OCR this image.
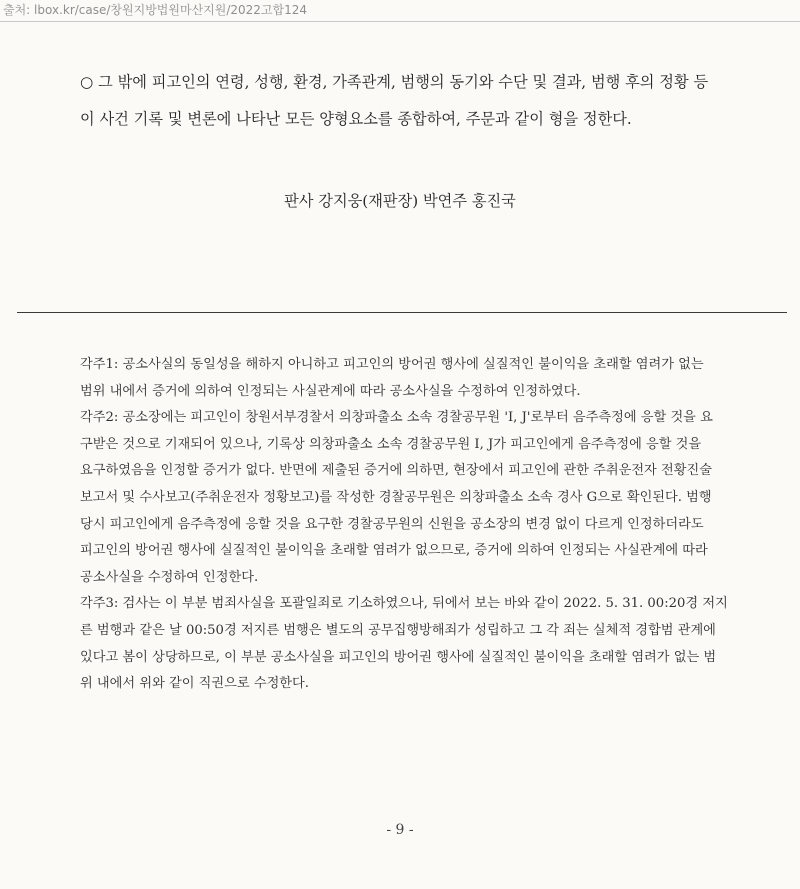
출처: lbox.kr/case/창원지방법원마산지원/2022고합124
○ 그 밖에 피고인의 연령, 성행, 환경, 가족관계, 범행의 동기와 수단 및 결과, 범행 후의 정황 등
이 사건 기록 및 변론에 나타난 모든 양형요소를 종합하여, 주문과 같이 형을 정한다.
판사 강지웅(재판장) 박연주 홍진국
각주1: 공소사실의 동일성을 해하지 아니하고 피고인의 방어권 행사에 실질적인 불이익을 초래할 염려가 없는
범위 내에서 증거에 의하여 인정되는 사실관계에 따라 공소사실을 수정하여 인정하였다.
각주2: 공소장에는 피고인이 창원서부경찰서 의창파출소 소속 경찰공무원 'I, J'로부터 음주측정에 응할 것을 요
구받은 것으로 기재되어 있으나, 기록상 의창파출소 소속 경찰공무원 I, J가 피고인에게 음주측정에 응할 것을
요구하였음을 인정할 증거가 없다. 반면에 제출된 증거에 의하면, 현장에서 피고인에 관한 주취운전자 전황진술
보고서 및 수사보고(주취운전자 정황보고)를 작성한 경찰공무원은 의창파출소 소속 경사 G으로 확인된다. 범행
당시 피고인에게 음주측정에 응할 것을 요구한 경찰공무원의 신원을 공소장의 변경 없이 다르게 인정하더라도
피고인의 방어권 행사에 실질적인 불이익을 초래할 염려가 없으므로, 증거에 의하여 인정되는 사실관계에 따라
공소사실을 수정하여 인정한다.
각주3: 검사는 이 부분 범죄사실을 포괄일죄로 기소하였으나, 뒤에서 보는 바와 같이 2022. 5. 31. 00:20경 저지
른 범행과 같은 날 00:50경 저지른 범행은 별도의 공무집행방해죄가 성립하고 그 각 죄는 실체적 경합범 관계에
있다고 봄이 상당하므로, 이 부분 공소사실을 피고인의 방어권 행사에 실질적인 불이익을 초래할 염려가 없는 범
위 내에서 위와 같이 직권으로 수정한다.
- 9 -
